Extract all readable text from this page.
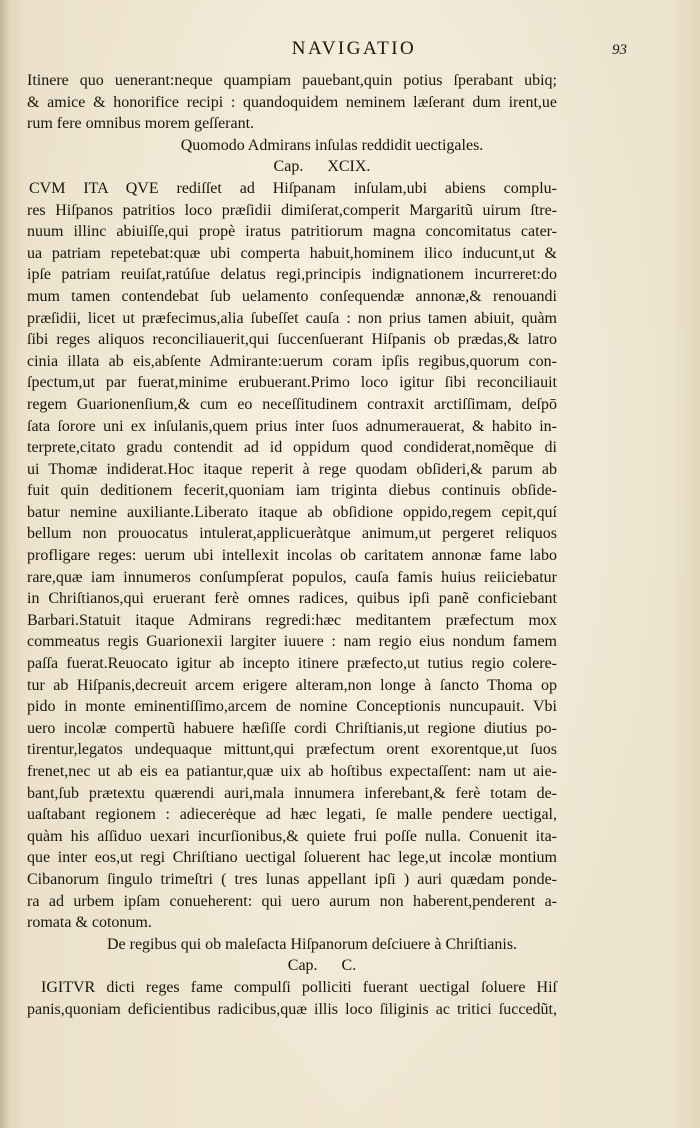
NAVIGATIO	93
Itinere quo uenerant:neque quampiam pauebant,quin potius ſperabant ubiq;
& amice & honorifice recipi : quandoquidem neminem læſerant dum irent,ue
rum fere omnibus morem geſſerant.
Quomodo Admirans inſulas reddidit uectigales.
Cap.      XCIX.
CVM ITA QVE rediſſet ad Hiſpanam inſulam,ubi abiens complu-
res Hiſpanos patritios loco præſidii dimiſerat,comperit Margaritũ uirum ſtre-
nuum illinc abiuiſſe,qui propè iratus patritiorum magna concomitatus cater-
ua patriam repetebat:quæ ubi comperta habuit,hominem ilico inducunt,ut &
ipſe patriam reuiſat,ratúſue delatus regi,principis indignationem incurreret:do
mum tamen contendebat ſub uelamento conſequendæ annonæ,& renouandi
præſidii, licet ut præfecimus,alia ſubeſſet cauſa : non prius tamen abiuit, quàm
ſibi reges aliquos reconciliauerit,qui ſuccenſuerant Hiſpanis ob prædas,& latro
cinia illata ab eis,abſente Admirante:uerum coram ipſis regibus,quorum con-
ſpectum,ut par fuerat,minime erubuerant.Primo loco igitur ſibi reconciliauit
regem Guarionenſium,& cum eo neceſſitudinem contraxit arctiſſimam, deſpō
ſata ſorore uni ex inſulanis,quem prius inter ſuos adnumerauerat, & habito in-
terprete,citato gradu contendit ad id oppidum quod condiderat,nomẽque di
ui Thomæ indiderat.Hoc itaque reperit à rege quodam obſideri,& parum ab
fuit quin deditionem fecerit,quoniam iam triginta diebus continuis obſide-
batur nemine auxiliante.Liberato itaque ab obſidione oppido,regem cepit,quí
bellum non prouocatus intulerat,applicueràtque animum,ut pergeret reliquos
profligare reges: uerum ubi intellexit incolas ob caritatem annonæ fame labo
rare,quæ iam innumeros conſumpſerat populos, cauſa famis huius reiiciebatur
in Chriſtianos,qui eruerant ferè omnes radices, quibus ipſi panẽ conficiebant
Barbari.Statuit itaque Admirans regredi:hæc meditantem præfectum mox
commeatus regis Guarionexii largiter iuuere : nam regio eius nondum famem
paſſa fuerat.Reuocato igitur ab incepto itinere præfecto,ut tutius regio colere-
tur ab Hiſpanis,decreuit arcem erigere alteram,non longe à ſancto Thoma op
pido in monte eminentiſſimo,arcem de nomine Conceptionis nuncupauit. Vbi
uero incolæ compertũ habuere hæſiſſe cordi Chriſtianis,ut regione diutius po-
tirentur,legatos undequaque mittunt,qui præfectum orent exorentque,ut ſuos
frenet,nec ut ab eis ea patiantur,quæ uix ab hoſtibus expectaſſent: nam ut aie-
bant,ſub prætextu quærendi auri,mala innumera inferebant,& ferè totam de-
uaſtabant regionem : adiecerėque ad hæc legati, ſe malle pendere uectigal,
quàm his aſſiduo uexari incurſionibus,& quiete frui poſſe nulla. Conuenit ita-
que inter eos,ut regi Chriſtiano uectigal ſoluerent hac lege,ut incolæ montium
Cibanorum ſingulo trimeſtri ( tres lunas appellant ipſi ) auri quædam ponde-
ra ad urbem ipſam conueherent: qui uero aurum non haberent,penderent a-
romata & cotonum.
De regibus qui ob maleſacta Hiſpanorum deſciuere à Chriſtianis.
Cap.      C.
IGITVR dicti reges fame compulſi polliciti fuerant uectigal ſoluere Hiſ
panis,quoniam deficientibus radicibus,quæ illis loco ſiliginis ac tritici ſuccedũt,
